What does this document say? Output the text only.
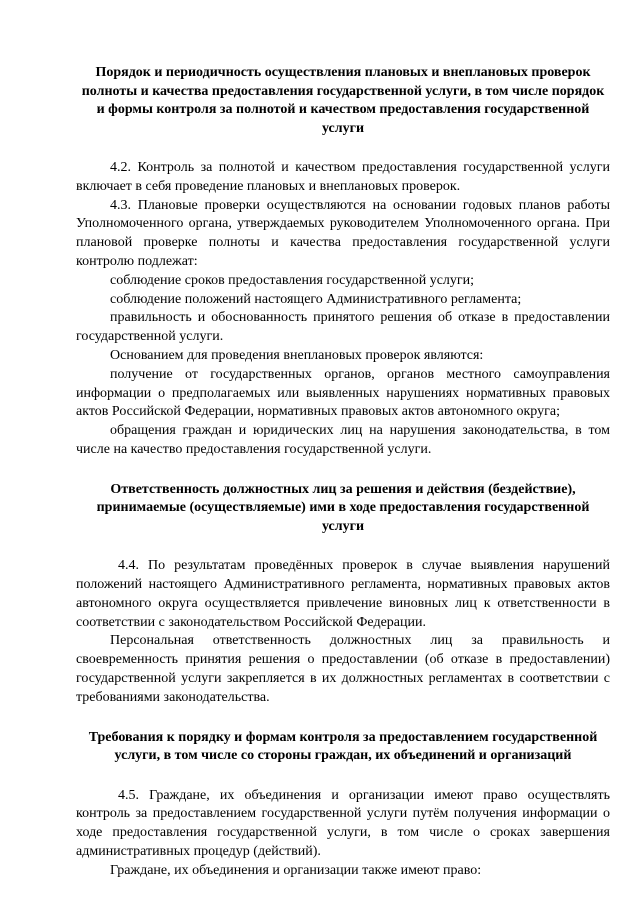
Порядок и периодичность осуществления плановых и внеплановых проверок полноты и качества предоставления государственной услуги, в том числе порядок и формы контроля за полнотой и качеством предоставления государственной услуги

4.2. Контроль за полнотой и качеством предоставления государственной услуги включает в себя проведение плановых и внеплановых проверок.

4.3. Плановые проверки осуществляются на основании годовых планов работы Уполномоченного органа, утверждаемых руководителем Уполномоченного органа. При плановой проверке полноты и качества предоставления государственной услуги контролю подлежат:

соблюдение сроков предоставления государственной услуги;

соблюдение положений настоящего Административного регламента;

правильность и обоснованность принятого решения об отказе в предоставлении государственной услуги.

Основанием для проведения внеплановых проверок являются:

получение от государственных органов, органов местного самоуправления информации о предполагаемых или выявленных нарушениях нормативных правовых актов Российской Федерации, нормативных правовых актов автономного округа;

обращения граждан и юридических лиц на нарушения законодательства, в том числе на качество предоставления государственной услуги.

Ответственность должностных лиц за решения и действия (бездействие), принимаемые (осуществляемые) ими в ходе предоставления государственной услуги

4.4. По результатам проведённых проверок в случае выявления нарушений положений настоящего Административного регламента, нормативных правовых актов автономного округа осуществляется привлечение виновных лиц к ответственности в соответствии с законодательством Российской Федерации.

Персональная ответственность должностных лиц за правильность и своевременность принятия решения о предоставлении (об отказе в предоставлении) государственной услуги закрепляется в их должностных регламентах в соответствии с требованиями законодательства.

Требования к порядку и формам контроля за предоставлением государственной услуги, в том числе со стороны граждан, их объединений и организаций

4.5. Граждане, их объединения и организации имеют право осуществлять контроль за предоставлением государственной услуги путём получения информации о ходе предоставления государственной услуги, в том числе о сроках завершения административных процедур (действий).

Граждане, их объединения и организации также имеют право:
